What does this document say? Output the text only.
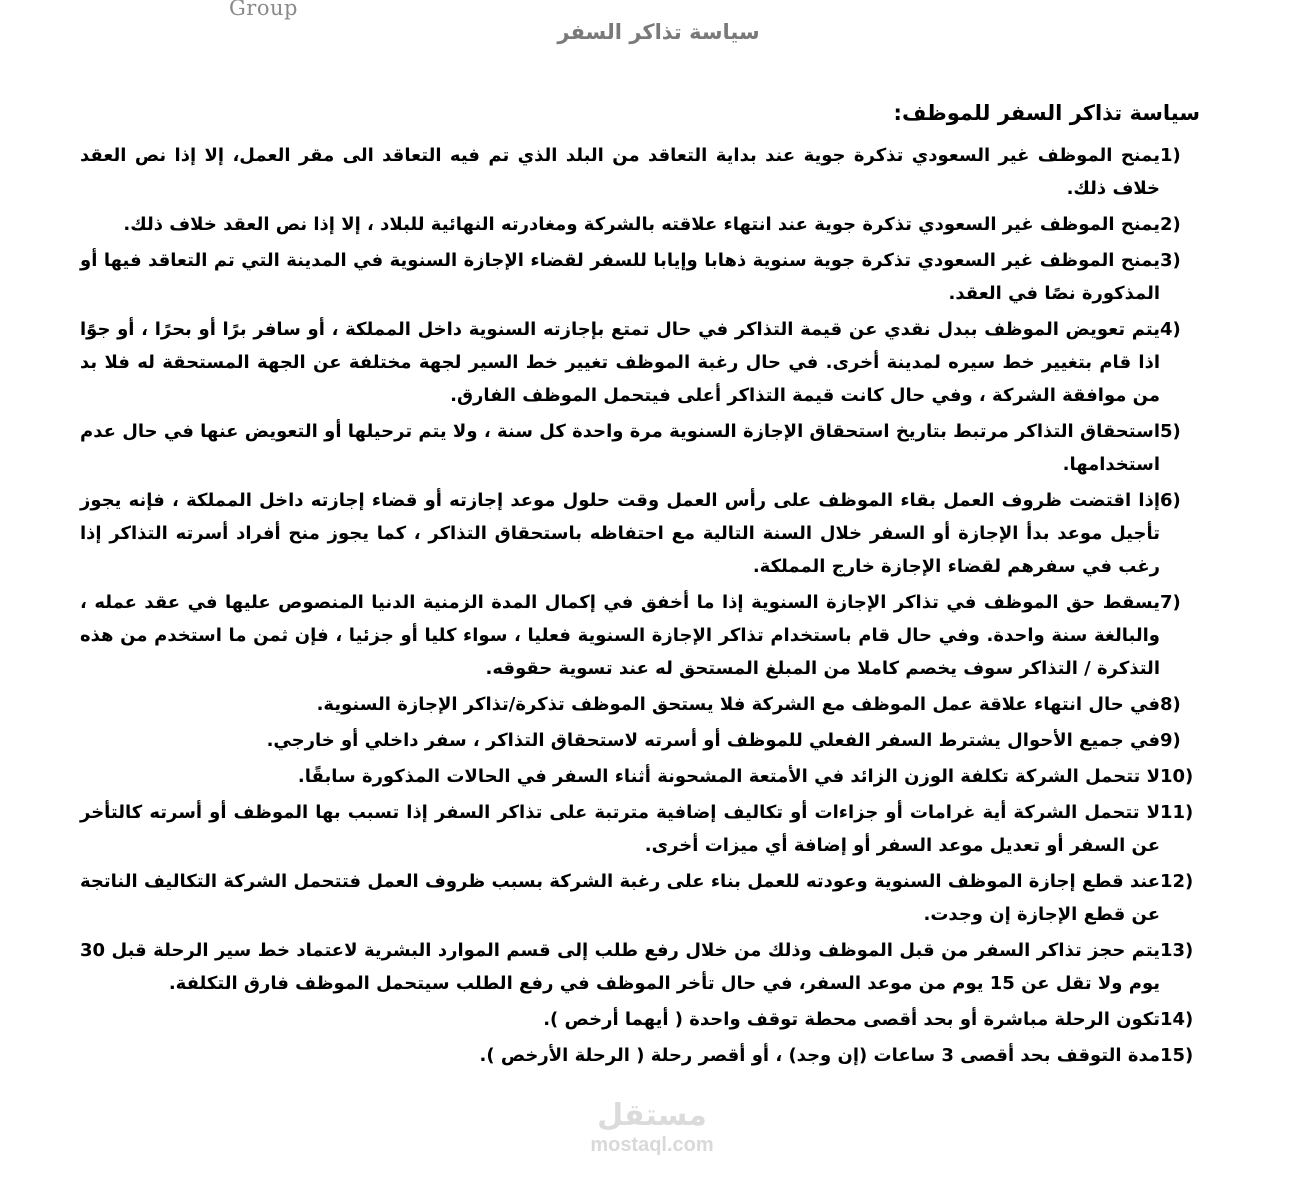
Group
سياسة تذاكر السفر
سياسة تذاكر السفر للموظف:
1)
يمنح الموظف غير السعودي تذكرة جوية عند بداية التعاقد من البلد الذي تم فيه التعاقد الى مقر العمل، إلا إذا نص العقد خلاف ذلك.
2)
يمنح الموظف غير السعودي تذكرة جوية عند انتهاء علاقته بالشركة ومغادرته النهائية للبلاد ، إلا إذا نص العقد خلاف ذلك.
3)
يمنح الموظف غير السعودي تذكرة جوية سنوية ذهابا وإيابا للسفر لقضاء الإجازة السنوية في المدينة التي تم التعاقد فيها أو المذكورة نصًا في العقد.
4)
يتم تعويض الموظف ببدل نقدي عن قيمة التذاكر في حال تمتع بإجازته السنوية داخل المملكة ، أو سافر برًا أو بحرًا ، أو جوًا اذا قام بتغيير خط سيره لمدينة أخرى. في حال رغبة الموظف تغيير خط السير لجهة مختلفة عن الجهة المستحقة له فلا بد من موافقة الشركة ، وفي حال كانت قيمة التذاكر أعلى فيتحمل الموظف الفارق.
5)
استحقاق التذاكر مرتبط بتاريخ استحقاق الإجازة السنوية مرة واحدة كل سنة ، ولا يتم ترحيلها أو التعويض عنها في حال عدم استخدامها.
6)
إذا اقتضت ظروف العمل بقاء الموظف على رأس العمل وقت حلول موعد إجازته أو قضاء إجازته داخل المملكة ، فإنه يجوز تأجيل موعد بدأ الإجازة أو السفر خلال السنة التالية مع احتفاظه باستحقاق التذاكر ، كما يجوز منح أفراد أسرته التذاكر إذا رغب في سفرهم لقضاء الإجازة خارج المملكة.
7)
يسقط حق الموظف في تذاكر الإجازة السنوية إذا ما أخفق في إكمال المدة الزمنية الدنيا المنصوص عليها في عقد عمله ، والبالغة سنة واحدة. وفي حال قام باستخدام تذاكر الإجازة السنوية فعليا ، سواء كليا أو جزئيا ، فإن ثمن ما استخدم من هذه التذكرة / التذاكر سوف يخصم كاملا من المبلغ المستحق له عند تسوية حقوقه.
8)
في حال انتهاء علاقة عمل الموظف مع الشركة فلا يستحق الموظف تذكرة/تذاكر الإجازة السنوية.
9)
في جميع الأحوال يشترط السفر الفعلي للموظف أو أسرته لاستحقاق التذاكر ، سفر داخلي أو خارجي.
10)
لا تتحمل الشركة تكلفة الوزن الزائد في الأمتعة المشحونة أثناء السفر في الحالات المذكورة سابقًا.
11)
لا تتحمل الشركة أية غرامات أو جزاءات أو تكاليف إضافية مترتبة على تذاكر السفر إذا تسبب بها الموظف أو أسرته كالتأخر عن السفر أو تعديل موعد السفر أو إضافة أي ميزات أخرى.
12)
عند قطع إجازة الموظف السنوية وعودته للعمل بناء على رغبة الشركة بسبب ظروف العمل فتتحمل الشركة التكاليف الناتجة عن قطع الإجازة إن وجدت.
13)
يتم حجز تذاكر السفر من قبل الموظف وذلك من خلال رفع طلب إلى قسم الموارد البشرية لاعتماد خط سير الرحلة قبل 30 يوم ولا تقل عن 15 يوم من موعد السفر، في حال تأخر الموظف في رفع الطلب سيتحمل الموظف فارق التكلفة.
14)
تكون الرحلة مباشرة أو بحد أقصى محطة توقف واحدة ( أيهما أرخص ).
15)
مدة التوقف بحد أقصى 3 ساعات (إن وجد) ، أو أقصر رحلة ( الرحلة الأرخص ).
مستقل
mostaql.com
